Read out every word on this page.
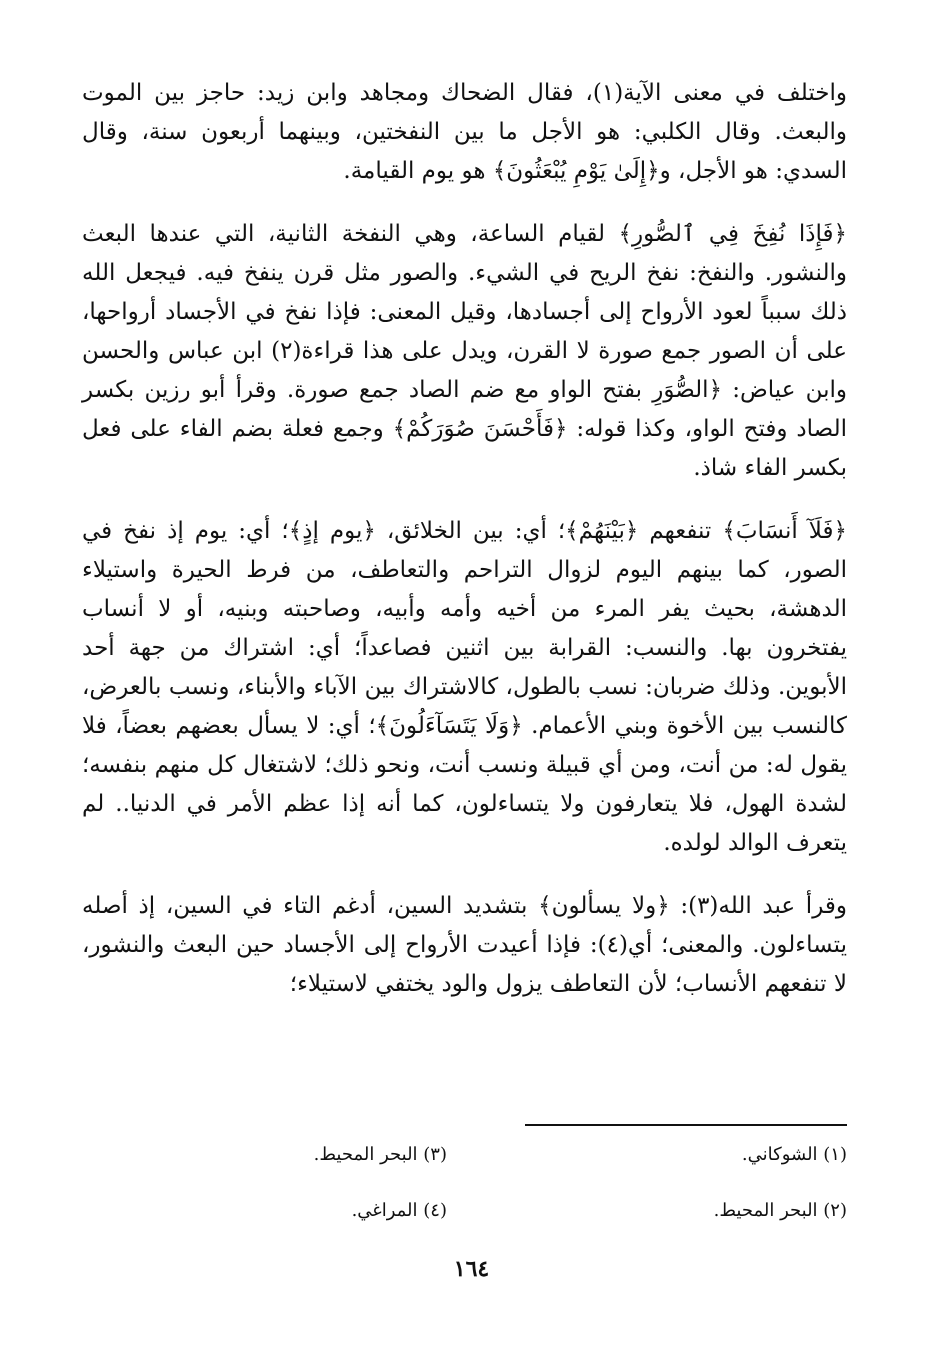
واختلف في معنى الآية(١)، فقال الضحاك ومجاهد وابن زيد: حاجز بين الموت والبعث. وقال الكلبي: هو الأجل ما بين النفختين، وبينهما أربعون سنة، وقال السدي: هو الأجل، و﴿إِلَىٰ يَوْمِ يُبْعَثُونَ﴾ هو يوم القيامة.

﴿فَإِذَا نُفِخَ فِي ٱلصُّورِ﴾ لقيام الساعة، وهي النفخة الثانية، التي عندها البعث والنشور. والنفخ: نفخ الريح في الشيء. والصور مثل قرن ينفخ فيه. فيجعل الله ذلك سبباً لعود الأرواح إلى أجسادها، وقيل المعنى: فإذا نفخ في الأجساد أرواحها، على أن الصور جمع صورة لا القرن، ويدل على هذا قراءة(٢) ابن عباس والحسن وابن عياض: ﴿الصُّوَرِ بفتح الواو مع ضم الصاد جمع صورة. وقرأ أبو رزين بكسر الصاد وفتح الواو، وكذا قوله: ﴿فَأَحْسَنَ صُوَرَكُمْ﴾ وجمع فعلة بضم الفاء على فعل بكسر الفاء شاذ.

﴿فَلَآ أَنسَابَ﴾ تنفعهم ﴿بَيْنَهُمْ﴾؛ أي: بين الخلائق، ﴿يوم إذٍ﴾؛ أي: يوم إذ نفخ في الصور، كما بينهم اليوم لزوال التراحم والتعاطف، من فرط الحيرة واستيلاء الدهشة، بحيث يفر المرء من أخيه وأمه وأبيه، وصاحبته وبنيه، أو لا أنساب يفتخرون بها. والنسب: القرابة بين اثنين فصاعداً؛ أي: اشتراك من جهة أحد الأبوين. وذلك ضربان: نسب بالطول، كالاشتراك بين الآباء والأبناء، ونسب بالعرض، كالنسب بين الأخوة وبني الأعمام. ﴿وَلَا يَتَسَآءَلُونَ﴾؛ أي: لا يسأل بعضهم بعضاً، فلا يقول له: من أنت، ومن أي قبيلة ونسب أنت، ونحو ذلك؛ لاشتغال كل منهم بنفسه؛ لشدة الهول، فلا يتعارفون ولا يتساءلون، كما أنه إذا عظم الأمر في الدنيا.. لم يتعرف الوالد لولده.

وقرأ عبد الله(٣): ﴿ولا يسألون﴾ بتشديد السين، أدغم التاء في السين، إذ أصله يتساءلون. والمعنى؛ أي(٤): فإذا أعيدت الأرواح إلى الأجساد حين البعث والنشور، لا تنفعهم الأنساب؛ لأن التعاطف يزول والود يختفي لاستيلاء؛

(١) الشوكاني.
(٣) البحر المحيط.
(٢) البحر المحيط.
(٤) المراغي.
١٦٤
